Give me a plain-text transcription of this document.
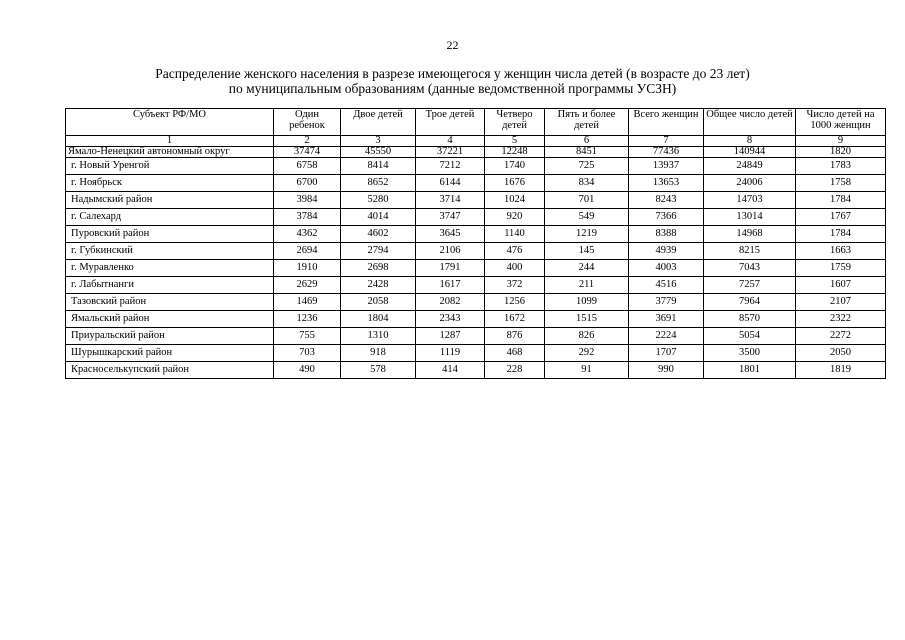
22
Распределение женского населения в разрезе имеющегося у женщин числа детей (в возрасте до 23 лет)
по муниципальным образованиям (данные ведомственной программы УСЗН)
Субъект РФ/МО	Один ребенок	Двое детей	Трое детей	Четверо детей	Пять и более детей	Всего женщин	Общее число детей	Число детей на 1000 женщин
1	2	3	4	5	6	7	8	9
Ямало-Ненецкий автономный округ	37474	45550	37221	12248	8451	77436	140944	1820
г. Новый Уренгой	6758	8414	7212	1740	725	13937	24849	1783
г. Ноябрьск	6700	8652	6144	1676	834	13653	24006	1758
Надымский район	3984	5280	3714	1024	701	8243	14703	1784
г. Салехард	3784	4014	3747	920	549	7366	13014	1767
Пуровский район	4362	4602	3645	1140	1219	8388	14968	1784
г. Губкинский	2694	2794	2106	476	145	4939	8215	1663
г. Муравленко	1910	2698	1791	400	244	4003	7043	1759
г. Лабытнанги	2629	2428	1617	372	211	4516	7257	1607
Тазовский район	1469	2058	2082	1256	1099	3779	7964	2107
Ямальский район	1236	1804	2343	1672	1515	3691	8570	2322
Приуральский район	755	1310	1287	876	826	2224	5054	2272
Шурышкарский район	703	918	1119	468	292	1707	3500	2050
Красноселькупский район	490	578	414	228	91	990	1801	1819
